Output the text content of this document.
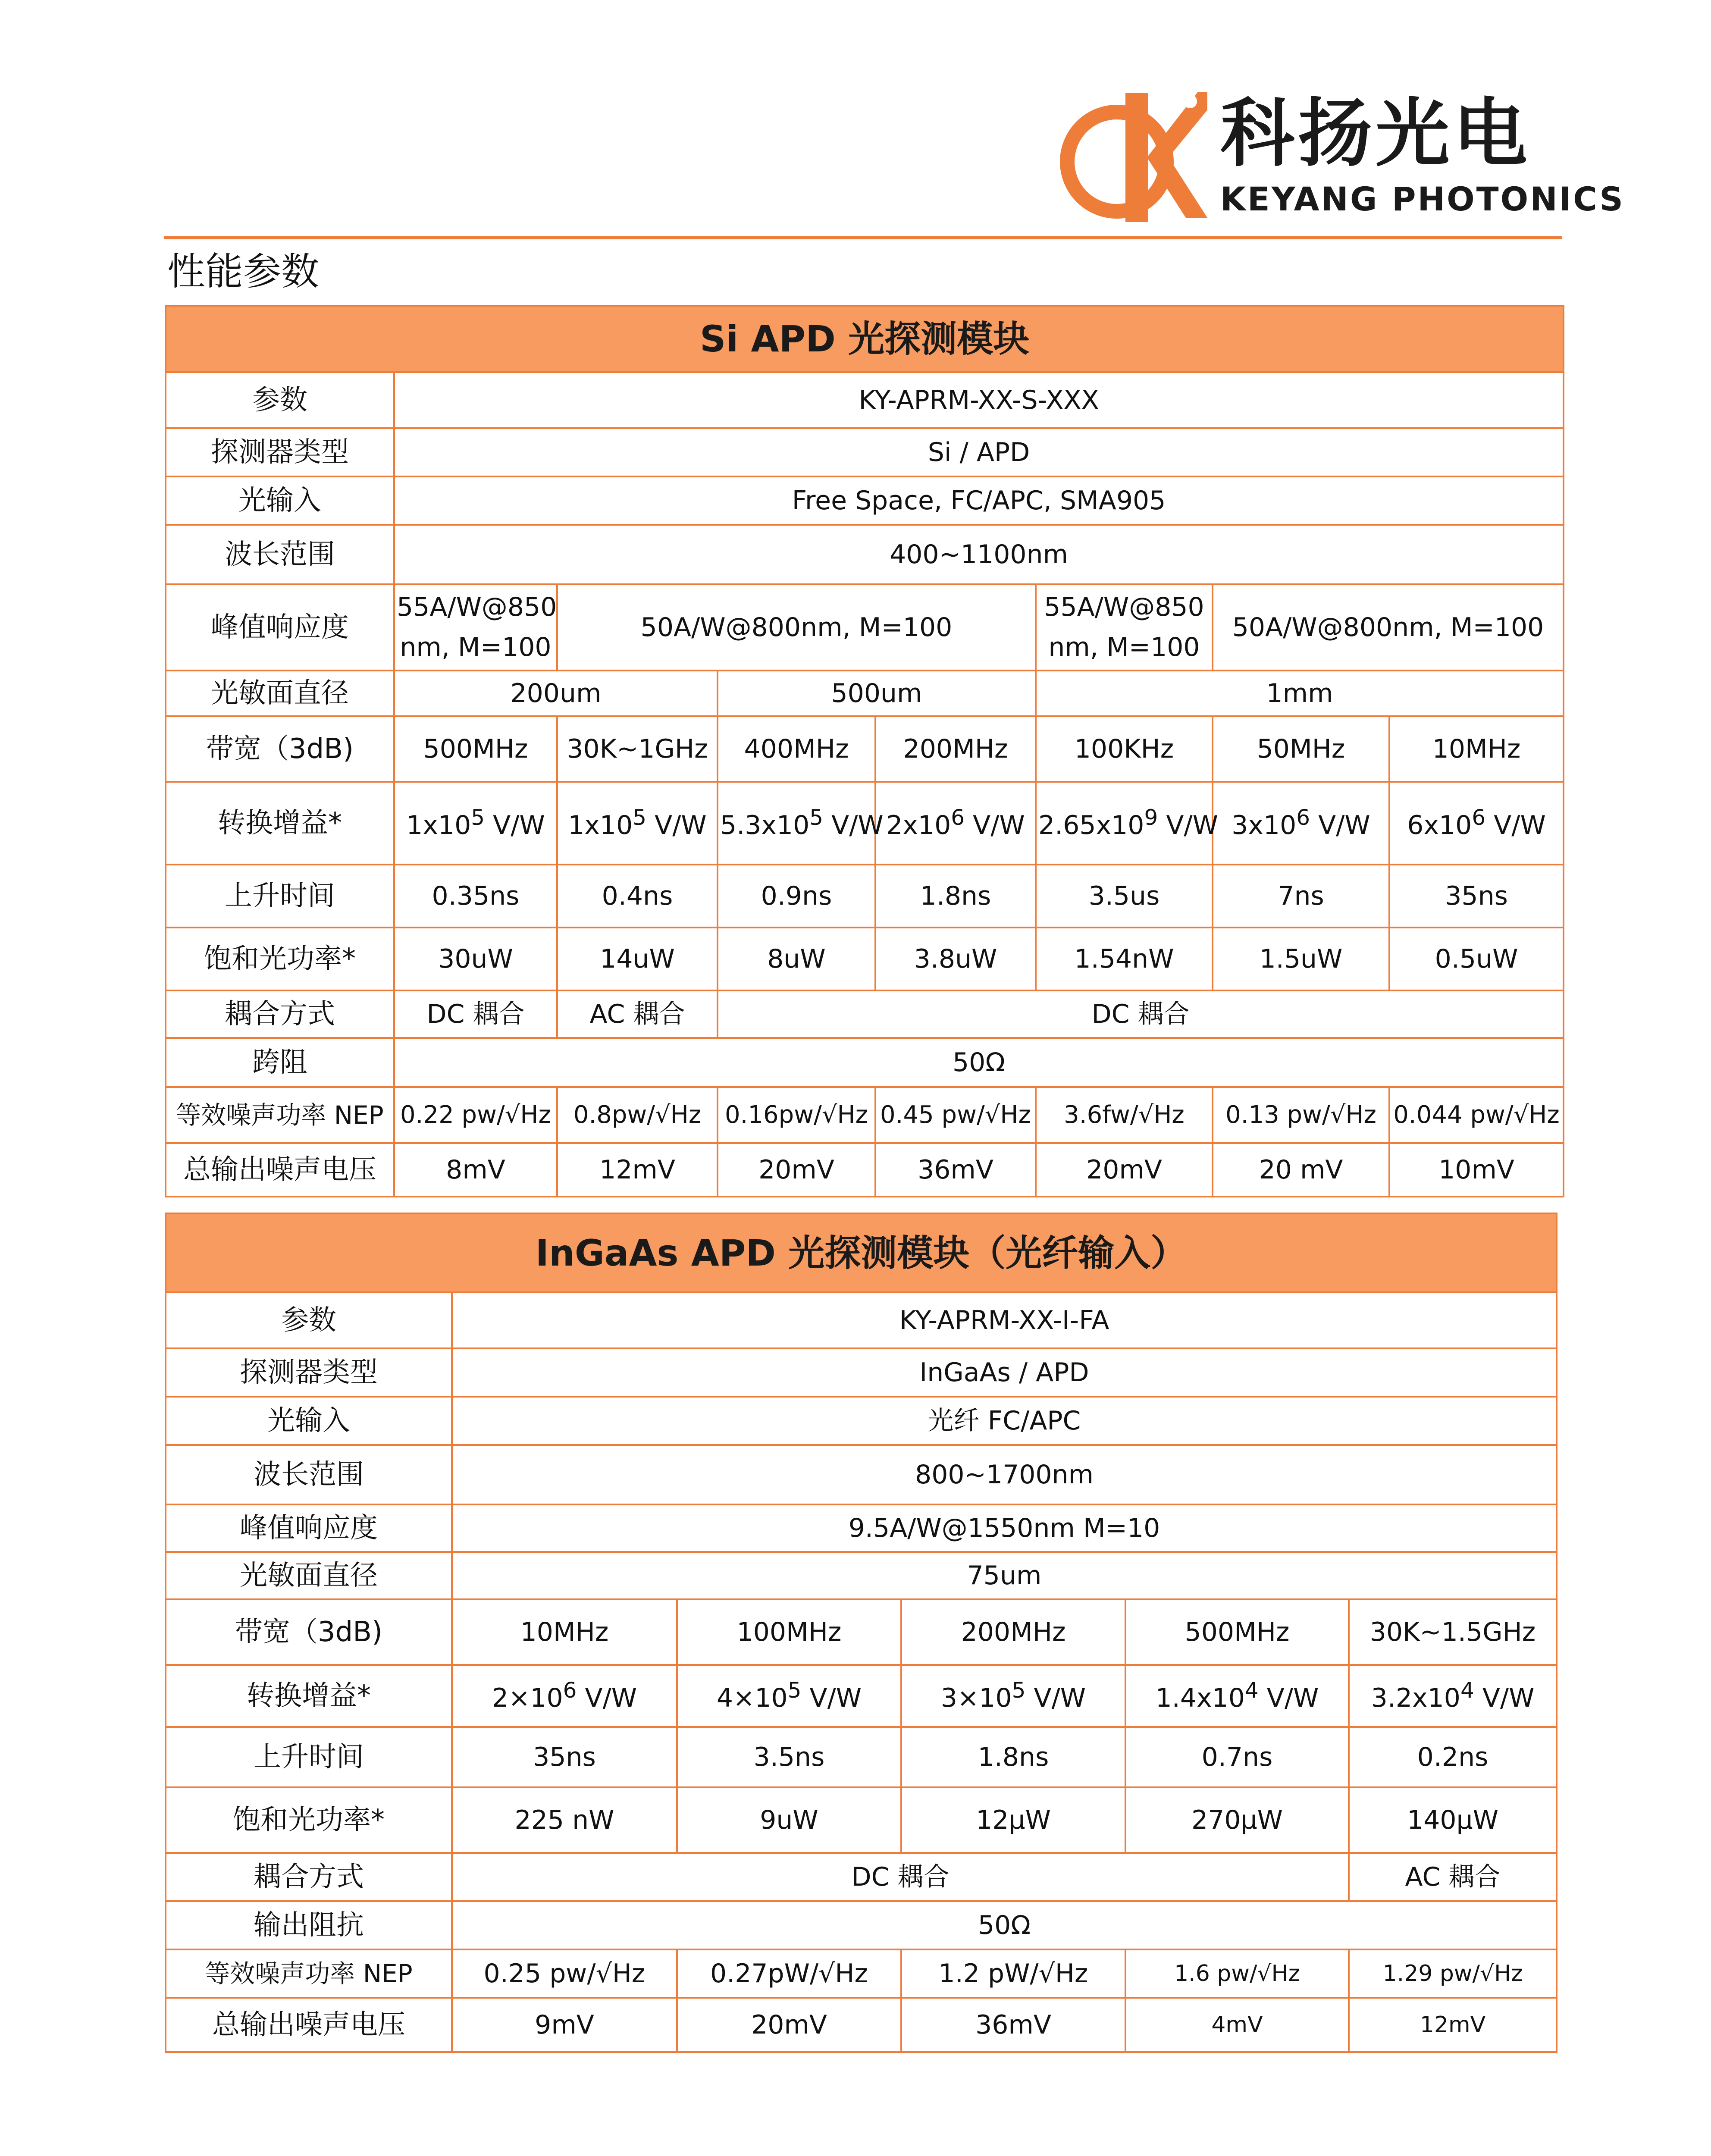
科扬光电
KEYANG PHOTONICS
性能参数
Si APD 光探测模块							
参数	KY-APRM-XX-S-XXX						
探测器类型	Si / APD						
光输入	Free Space, FC/APC, SMA905						
波长范围	400~1100nm						
峰值响应度	55A/W@850 nm, M=100	50A/W@800nm, M=100			55A/W@850 nm, M=100	50A/W@800nm, M=100	
光敏面直径	200um		500um		1mm		
带宽（3dB)	500MHz	30K~1GHz	400MHz	200MHz	100KHz	50MHz	10MHz
转换增益*	$1x10^5$ V/W	$1x10^5$ V/W	$5.3x10^5$ V/W	$2x10^6$ V/W	$2.65x10^9$ V/W	$3x10^6$ V/W	$6x10^6$ V/W
上升时间	0.35ns	0.4ns	0.9ns	1.8ns	3.5us	7ns	35ns
饱和光功率*	30uW	14uW	8uW	3.8uW	1.54nW	1.5uW	0.5uW
耦合方式	DC 耦合	AC 耦合	DC 耦合				
跨阻	50Ω						
等效噪声功率 NEP	0.22 pw/√Hz	0.8pw/√Hz	0.16pw/√Hz	0.45 pw/√Hz	3.6fw/√Hz	0.13 pw/√Hz	0.044 pw/√Hz
总输出噪声电压	8mV	12mV	20mV	36mV	20mV	20 mV	10mV
InGaAs APD 光探测模块（光纤输入）					
参数	KY-APRM-XX-I-FA				
探测器类型	InGaAs / APD				
光输入	光纤 FC/APC				
波长范围	800~1700nm				
峰值响应度	9.5A/W@1550nm M=10				
光敏面直径	75um				
带宽（3dB)	10MHz	100MHz	200MHz	500MHz	30K~1.5GHz
转换增益*	$2\times 10^6$ V/W	$4\times 10^5$ V/W	$3\times 10^5$ V/W	$1.4x10^4$ V/W	$3.2x10^4$ V/W
上升时间	35ns	3.5ns	1.8ns	0.7ns	0.2ns
饱和光功率*	225 nW	9uW	12μW	270μW	140μW
耦合方式	DC 耦合				AC 耦合
输出阻抗	50Ω				
等效噪声功率 NEP	0.25 pw/√Hz	0.27pW/√Hz	1.2 pW/√Hz	1.6 pw/√Hz	1.29 pw/√Hz
总输出噪声电压	9mV	20mV	36mV	4mV	12mV
